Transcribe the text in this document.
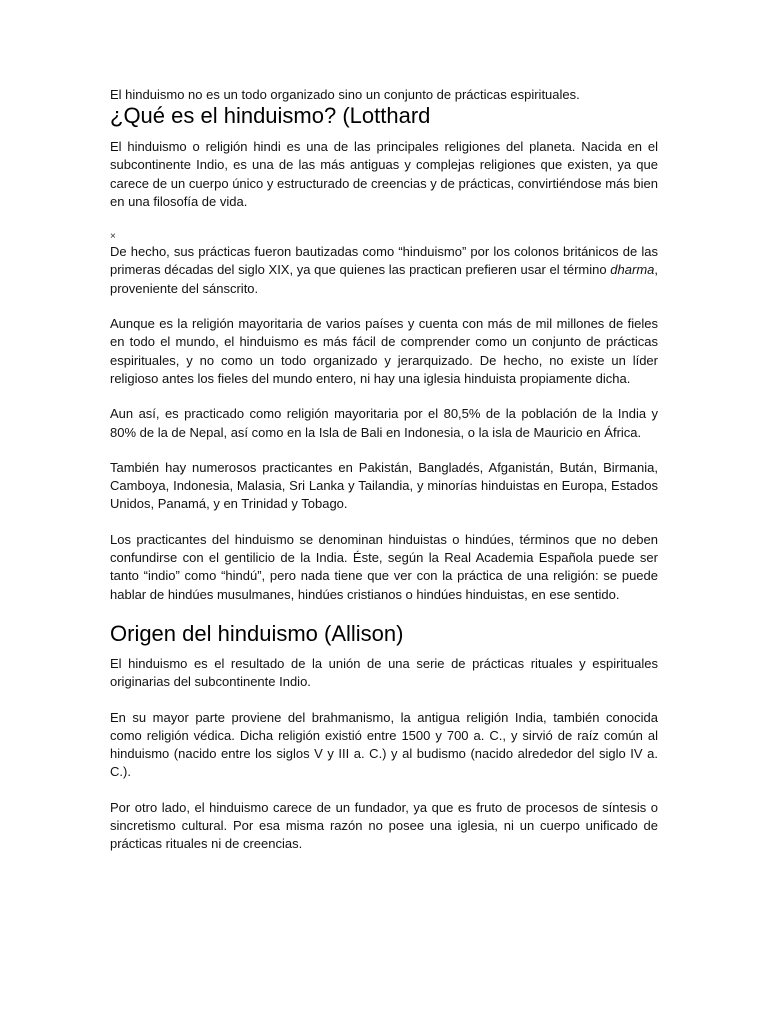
El hinduismo no es un todo organizado sino un conjunto de prácticas espirituales.
¿Qué es el hinduismo? (Lotthard

El hinduismo o religión hindi es una de las principales religiones del planeta. Nacida en el subcontinente Indio, es una de las más antiguas y complejas religiones que existen, ya que carece de un cuerpo único y estructurado de creencias y de prácticas, convirtiéndose más bien en una filosofía de vida.

×

De hecho, sus prácticas fueron bautizadas como “hinduismo” por los colonos británicos de las primeras décadas del siglo XIX, ya que quienes las practican prefieren usar el término dharma, proveniente del sánscrito.

Aunque es la religión mayoritaria de varios países y cuenta con más de mil millones de fieles en todo el mundo, el hinduismo es más fácil de comprender como un conjunto de prácticas espirituales, y no como un todo organizado y jerarquizado. De hecho, no existe un líder religioso antes los fieles del mundo entero, ni hay una iglesia hinduista propiamente dicha.

Aun así, es practicado como religión mayoritaria por el 80,5% de la población de la India y 80% de la de Nepal, así como en la Isla de Bali en Indonesia, o la isla de Mauricio en África.

También hay numerosos practicantes en Pakistán, Bangladés, Afganistán, Bután, Birmania, Camboya, Indonesia, Malasia, Sri Lanka y Tailandia, y minorías hinduistas en Europa, Estados Unidos, Panamá, y en Trinidad y Tobago.

Los practicantes del hinduismo se denominan hinduistas o hindúes, términos que no deben confundirse con el gentilicio de la India. Éste, según la Real Academia Española puede ser tanto “indio” como “hindú”, pero nada tiene que ver con la práctica de una religión: se puede hablar de hindúes musulmanes, hindúes cristianos o hindúes hinduistas, en ese sentido.

Origen del hinduismo (Allison)

El hinduismo es el resultado de la unión de una serie de prácticas rituales y espirituales originarias del subcontinente Indio.

En su mayor parte proviene del brahmanismo, la antigua religión India, también conocida como religión védica. Dicha religión existió entre 1500 y 700 a. C., y sirvió de raíz común al hinduismo (nacido entre los siglos V y III a. C.) y al budismo (nacido alrededor del siglo IV a. C.).

Por otro lado, el hinduismo carece de un fundador, ya que es fruto de procesos de síntesis o sincretismo cultural. Por esa misma razón no posee una iglesia, ni un cuerpo unificado de prácticas rituales ni de creencias.
